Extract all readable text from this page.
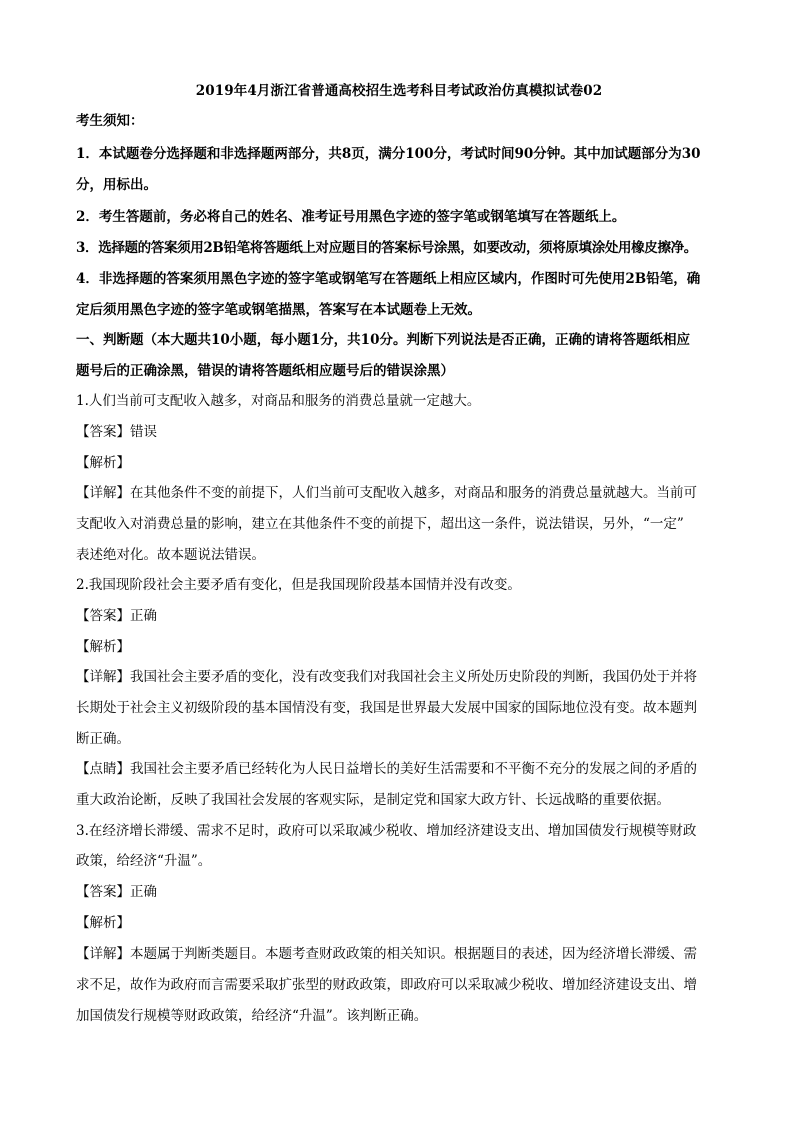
2019年4月浙江省普通高校招生选考科目考试政治仿真模拟试卷02
考生须知：
1．本试题卷分选择题和非选择题两部分，共8页，满分100分，考试时间90分钟。其中加试题部分为30
分，用标出。
2．考生答题前，务必将自己的姓名、准考证号用黑色字迹的签字笔或钢笔填写在答题纸上。
3．选择题的答案须用2B铅笔将答题纸上对应题目的答案标号涂黑，如要改动，须将原填涂处用橡皮擦净。
4．非选择题的答案须用黑色字迹的签字笔或钢笔写在答题纸上相应区域内，作图时可先使用2B铅笔，确
定后须用黑色字迹的签字笔或钢笔描黑，答案写在本试题卷上无效。
一、判断题（本大题共10小题，每小题1分，共10分。判断下列说法是否正确，正确的请将答题纸相应
题号后的正确涂黑，错误的请将答题纸相应题号后的错误涂黑）
1.人们当前可支配收入越多，对商品和服务的消费总量就一定越大。
【答案】错误
【解析】
【详解】在其他条件不变的前提下，人们当前可支配收入越多，对商品和服务的消费总量就越大。当前可
支配收入对消费总量的影响，建立在其他条件不变的前提下，超出这一条件，说法错误，另外，“一定”
表述绝对化。故本题说法错误。
2.我国现阶段社会主要矛盾有变化，但是我国现阶段基本国情并没有改变。
【答案】正确
【解析】
【详解】我国社会主要矛盾的变化，没有改变我们对我国社会主义所处历史阶段的判断，我国仍处于并将
长期处于社会主义初级阶段的基本国情没有变，我国是世界最大发展中国家的国际地位没有变。故本题判
断正确。
【点睛】我国社会主要矛盾已经转化为人民日益增长的美好生活需要和不平衡不充分的发展之间的矛盾的
重大政治论断，反映了我国社会发展的客观实际，是制定党和国家大政方针、长远战略的重要依据。
3.在经济增长滞缓、需求不足时，政府可以采取减少税收、增加经济建设支出、增加国债发行规模等财政
政策，给经济“升温”。
【答案】正确
【解析】
【详解】本题属于判断类题目。本题考查财政政策的相关知识。根据题目的表述，因为经济增长滞缓、需
求不足，故作为政府而言需要采取扩张型的财政政策，即政府可以采取减少税收、增加经济建设支出、增
加国债发行规模等财政政策，给经济“升温”。该判断正确。
